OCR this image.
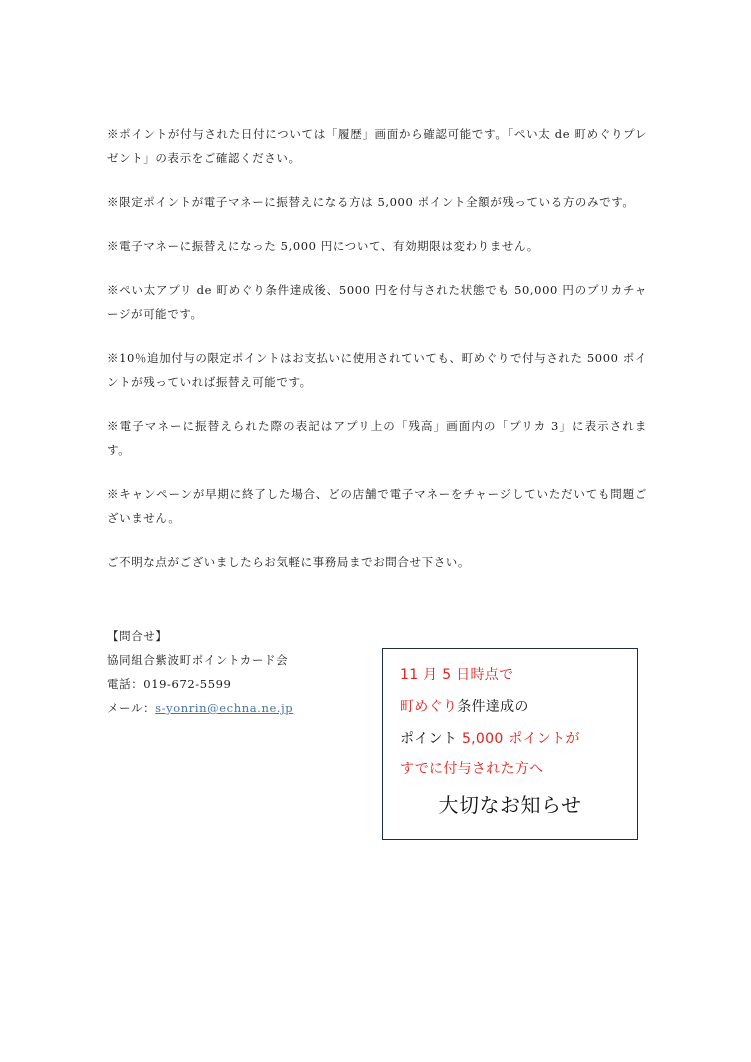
※ポイントが付与された日付については「履歴」画面から確認可能です。「ぺい太 de 町めぐりプレゼント」の表示をご確認ください。

※限定ポイントが電子マネーに振替えになる方は 5,000 ポイント全額が残っている方のみです。

※電子マネーに振替えになった 5,000 円について、有効期限は変わりません。

※ぺい太アプリ de 町めぐり条件達成後、5000 円を付与された状態でも 50,000 円のプリカチャージが可能です。

※10％追加付与の限定ポイントはお支払いに使用されていても、町めぐりで付与された 5000 ポイントが残っていれば振替え可能です。

※電子マネーに振替えられた際の表記はアプリ上の「残高」画面内の「プリカ 3」に表示されます。

※キャンペーンが早期に終了した場合、どの店舗で電子マネーをチャージしていただいても問題ございません。

ご不明な点がございましたらお気軽に事務局までお問合せ下さい。

【問合せ】
協同組合紫波町ポイントカード会
電話：019-672-5599
メール：s-yonrin@echna.ne.jp
11 月 5 日時点で
町めぐり条件達成の
ポイント 5,000 ポイントが
すでに付与された方へ
大切なお知らせ
